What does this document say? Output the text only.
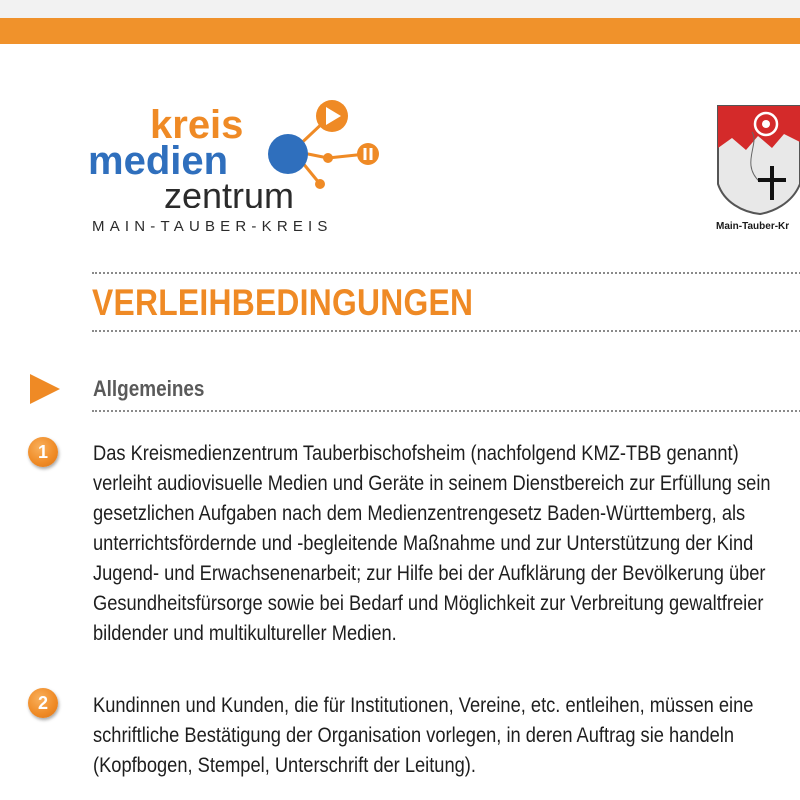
kreis
medien
zentrum
MAIN-TAUBER-KREIS	Main-Tauber-Kr
VERLEIHBEDINGUNGEN
Allgemeines
1	Das Kreismedienzentrum Tauberbischofsheim (nachfolgend KMZ-TBB genannt)
verleiht audiovisuelle Medien und Geräte in seinem Dienstbereich zur Erfüllung sein
gesetzlichen Aufgaben nach dem Medienzentrengesetz Baden-Württemberg, als
unterrichtsfördernde und -begleitende Maßnahme und zur Unterstützung der Kind
Jugend- und Erwachsenenarbeit; zur Hilfe bei der Aufklärung der Bevölkerung über
Gesundheitsfürsorge sowie bei Bedarf und Möglichkeit zur Verbreitung gewaltfreier
bildender und multikultureller Medien.
2	Kundinnen und Kunden, die für Institutionen, Vereine, etc. entleihen, müssen eine
schriftliche Bestätigung der Organisation vorlegen, in deren Auftrag sie handeln
(Kopfbogen, Stempel, Unterschrift der Leitung).
